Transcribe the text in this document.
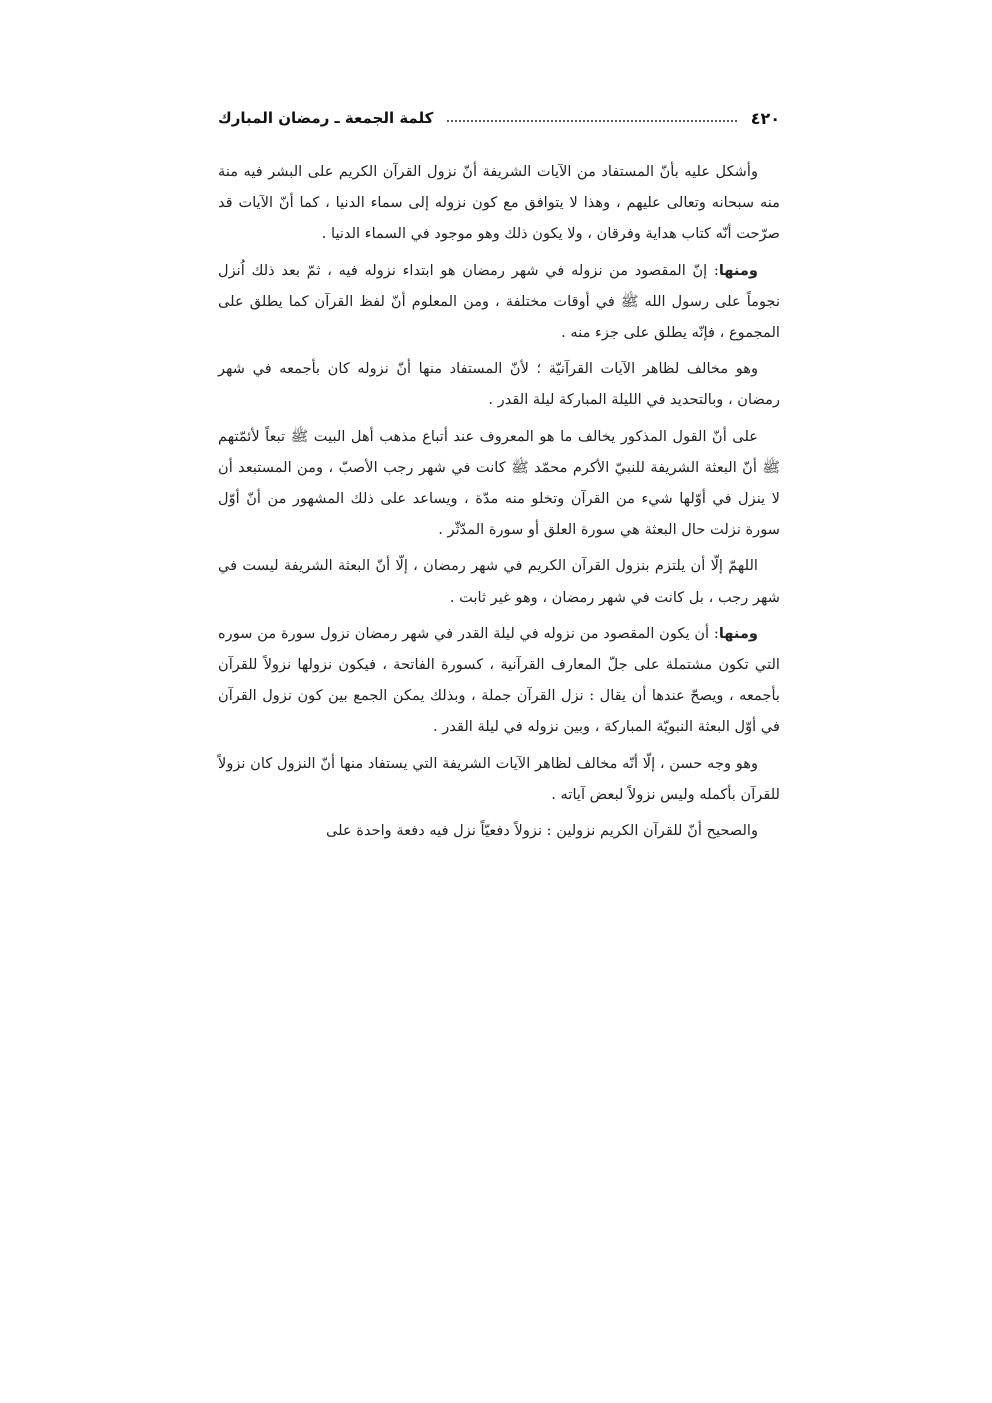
٤٢٠
كلمة الجمعة ـ رمضان المبارك

وأشكل عليه بأنّ المستفاد من الآيات الشريفة أنّ نزول القرآن الكريم على البشر فيه منة منه سبحانه وتعالى عليهم ، وهذا لا يتوافق مع كون نزوله إلى سماء الدنيا ، كما أنّ الآيات قد صرّحت أنّه كتاب هداية وفرقان ، ولا يكون ذلك وهو موجود في السماء الدنيا .

ومنها: إنّ المقصود من نزوله في شهر رمضان هو ابتداء نزوله فيه ، ثمّ بعد ذلك اُنزل نجوماً على رسول الله ﷺ في أوقات مختلفة ، ومن المعلوم أنّ لفظ القرآن كما يطلق على المجموع ، فإنّه يطلق على جزء منه .

وهو مخالف لظاهر الآيات القرآنيّة ؛ لأنّ المستفاد منها أنّ نزوله كان بأجمعه في شهر رمضان ، وبالتحديد في الليلة المباركة ليلة القدر .

على أنّ القول المذكور يخالف ما هو المعروف عند أتباع مذهب أهل البيت ﷺ تبعاً لأئمّتهم ﷺ أنّ البعثة الشريفة للنبيّ الأكرم محمّد ﷺ كانت في شهر رجب الأصبّ ، ومن المستبعد أن لا ينزل في أوّلها شيء من القرآن وتخلو منه مدّة ، ويساعد على ذلك المشهور من أنّ أوّل سورة نزلت حال البعثة هي سورة العلق أو سورة المدّثّر .

اللهمّ إلّا أن يلتزم بنزول القرآن الكريم في شهر رمضان ، إلّا أنّ البعثة الشريفة ليست في شهر رجب ، بل كانت في شهر رمضان ، وهو غير ثابت .

ومنها: أن يكون المقصود من نزوله في ليلة القدر في شهر رمضان نزول سورة من سوره التي تكون مشتملة على جلّ المعارف القرآنية ، كسورة الفاتحة ، فيكون نزولها نزولاً للقرآن بأجمعه ، ويصحّ عندها أن يقال : نزل القرآن جملة ، وبذلك يمكن الجمع بين كون نزول القرآن في أوّل البعثة النبويّة المباركة ، وبين نزوله في ليلة القدر .

وهو وجه حسن ، إلّا أنّه مخالف لظاهر الآيات الشريفة التي يستفاد منها أنّ النزول كان نزولاً للقرآن بأكمله وليس نزولاً لبعض آياته .

والصحيح أنّ للقرآن الكريم نزولين : نزولاً دفعيّاً نزل فيه دفعة واحدة على
